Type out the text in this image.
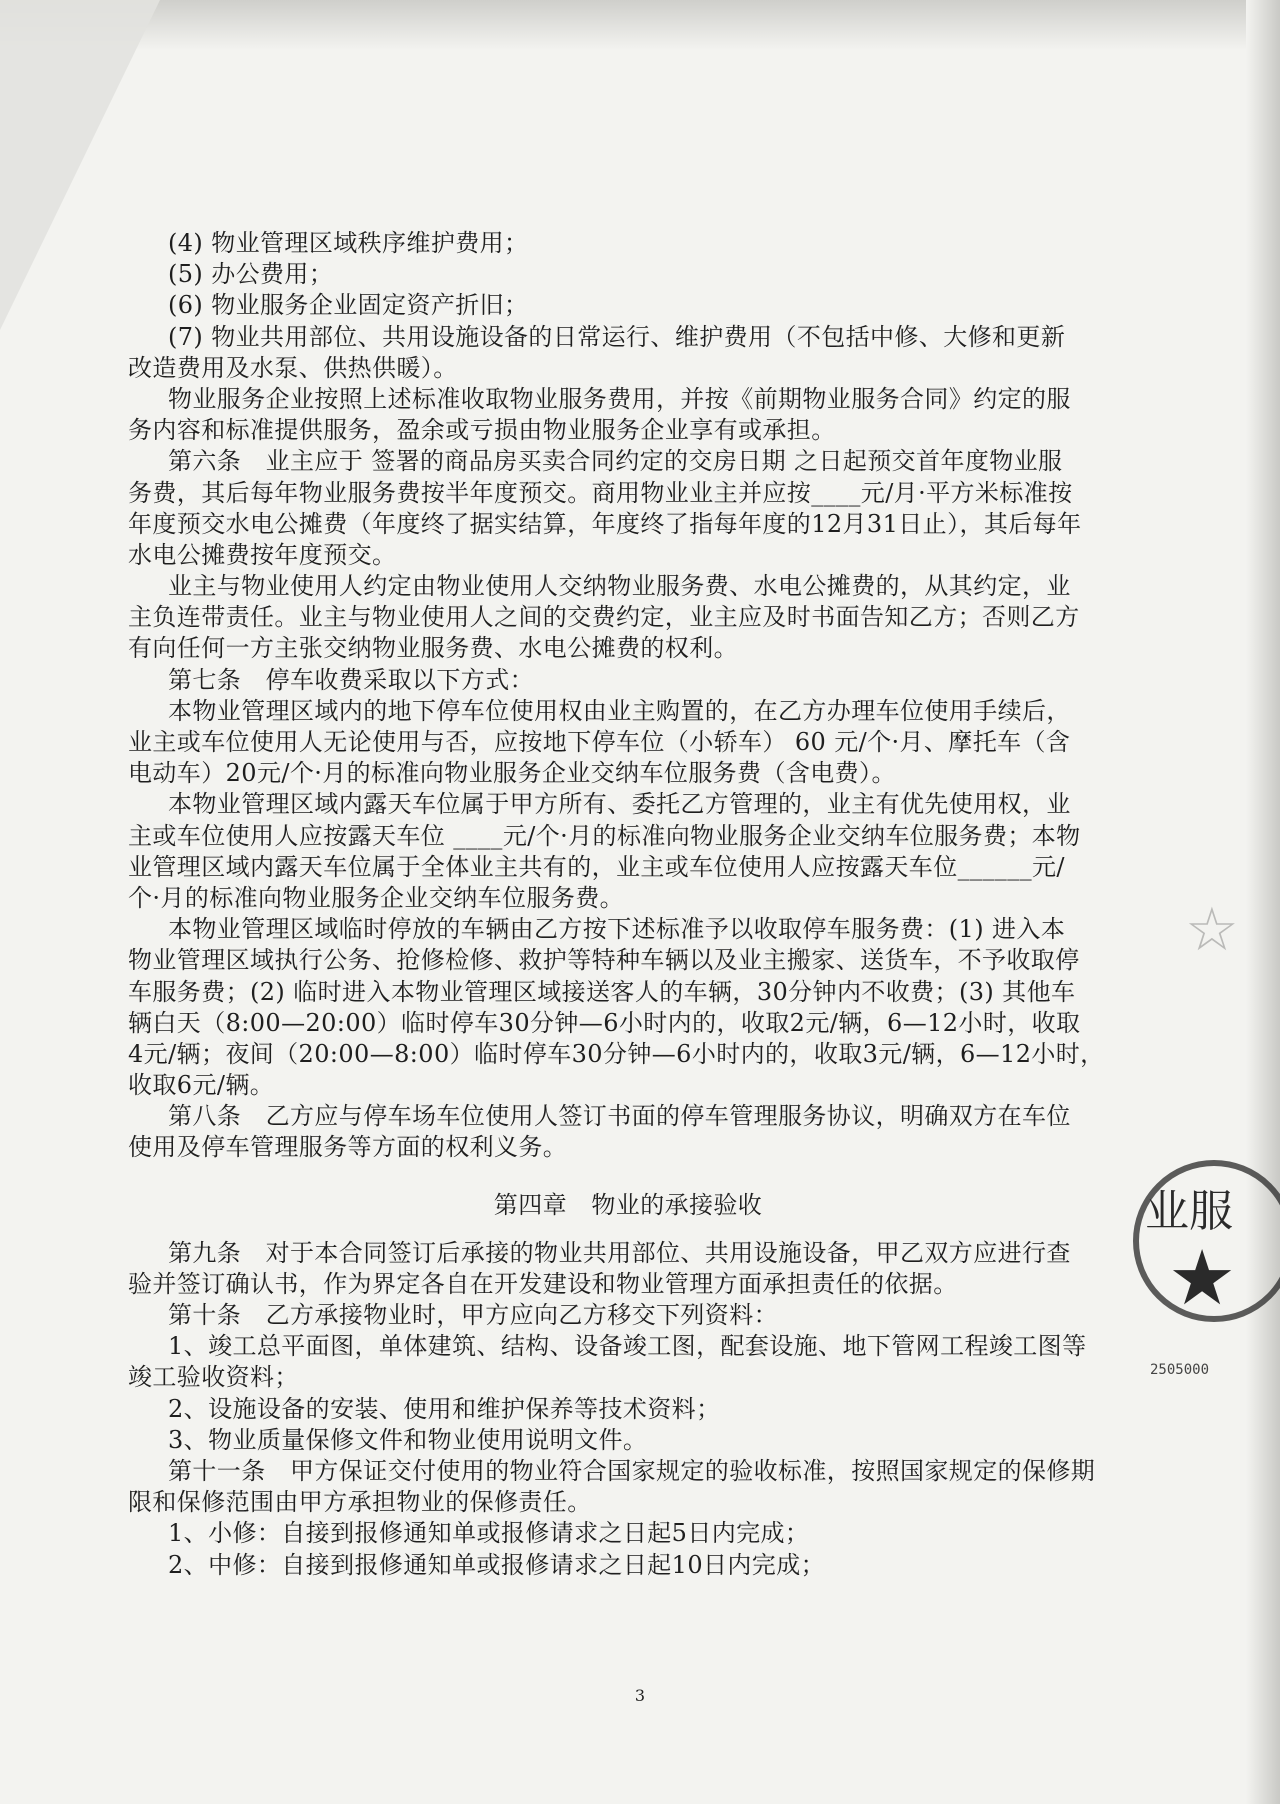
(4) 物业管理区域秩序维护费用；
(5) 办公费用；
(6) 物业服务企业固定资产折旧；
(7) 物业共用部位、共用设施设备的日常运行、维护费用（不包括中修、大修和更新
改造费用及水泵、供热供暖）。
物业服务企业按照上述标准收取物业服务费用，并按《前期物业服务合同》约定的服
务内容和标准提供服务，盈余或亏损由物业服务企业享有或承担。
第六条　业主应于 签署的商品房买卖合同约定的交房日期 之日起预交首年度物业服
务费，其后每年物业服务费按半年度预交。商用物业业主并应按____元/月·平方米标准按
年度预交水电公摊费（年度终了据实结算，年度终了指每年度的12月31日止），其后每年
水电公摊费按年度预交。
业主与物业使用人约定由物业使用人交纳物业服务费、水电公摊费的，从其约定，业
主负连带责任。业主与物业使用人之间的交费约定，业主应及时书面告知乙方；否则乙方
有向任何一方主张交纳物业服务费、水电公摊费的权利。
第七条　停车收费采取以下方式：
本物业管理区域内的地下停车位使用权由业主购置的，在乙方办理车位使用手续后，
业主或车位使用人无论使用与否，应按地下停车位（小轿车） 60 元/个·月、摩托车（含
电动车）20元/个·月的标准向物业服务企业交纳车位服务费（含电费）。
本物业管理区域内露天车位属于甲方所有、委托乙方管理的，业主有优先使用权，业
主或车位使用人应按露天车位 ____元/个·月的标准向物业服务企业交纳车位服务费；本物
业管理区域内露天车位属于全体业主共有的，业主或车位使用人应按露天车位______元/
个·月的标准向物业服务企业交纳车位服务费。
本物业管理区域临时停放的车辆由乙方按下述标准予以收取停车服务费：(1) 进入本
物业管理区域执行公务、抢修检修、救护等特种车辆以及业主搬家、送货车，不予收取停
车服务费；(2) 临时进入本物业管理区域接送客人的车辆，30分钟内不收费；(3) 其他车
辆白天（8:00—20:00）临时停车30分钟—6小时内的，收取2元/辆，6—12小时，收取
4元/辆；夜间（20:00—8:00）临时停车30分钟—6小时内的，收取3元/辆，6—12小时，
收取6元/辆。
第八条　乙方应与停车场车位使用人签订书面的停车管理服务协议，明确双方在车位
使用及停车管理服务等方面的权利义务。
第四章　物业的承接验收
第九条　对于本合同签订后承接的物业共用部位、共用设施设备，甲乙双方应进行查
验并签订确认书，作为界定各自在开发建设和物业管理方面承担责任的依据。
第十条　乙方承接物业时，甲方应向乙方移交下列资料：
1、竣工总平面图，单体建筑、结构、设备竣工图，配套设施、地下管网工程竣工图等
竣工验收资料；
2、设施设备的安装、使用和维护保养等技术资料；
3、物业质量保修文件和物业使用说明文件。
第十一条　甲方保证交付使用的物业符合国家规定的验收标准，按照国家规定的保修期
限和保修范围由甲方承担物业的保修责任。
1、小修：自接到报修通知单或报修请求之日起5日内完成；
2、中修：自接到报修通知单或报修请求之日起10日内完成；
☆
业服
★
2505000
3
